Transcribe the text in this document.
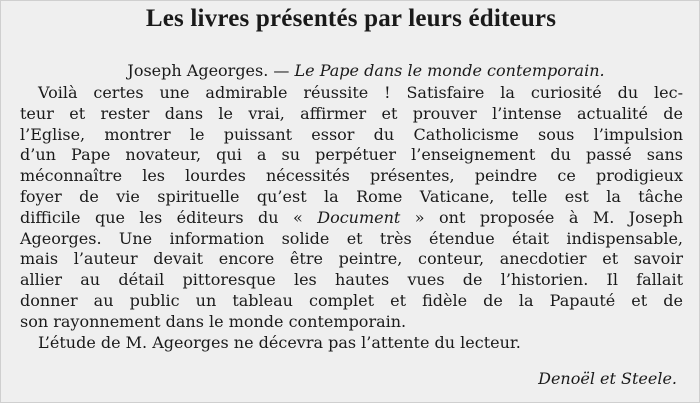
Les livres présentés par leurs éditeurs
Joseph Ageorges. — Le Pape dans le monde contemporain.
Voilà certes une admirable réussite ! Satisfaire la curiosité du lec-
teur et rester dans le vrai, affirmer et prouver l’intense actualité de
l’Eglise, montrer le puissant essor du Catholicisme sous l’impulsion
d’un Pape novateur, qui a su perpétuer l’enseignement du passé sans
méconnaître les lourdes nécessités présentes, peindre ce prodigieux
foyer de vie spirituelle qu’est la Rome Vaticane, telle est la tâche
difficile que les éditeurs du « Document » ont proposée à M. Joseph
Ageorges. Une information solide et très étendue était indispensable,
mais l’auteur devait encore être peintre, conteur, anecdotier et savoir
allier au détail pittoresque les hautes vues de l’historien. Il fallait
donner au public un tableau complet et fidèle de la Papauté et de
son rayonnement dans le monde contemporain.
L’étude de M. Ageorges ne décevra pas l’attente du lecteur.
Denoël et Steele.
